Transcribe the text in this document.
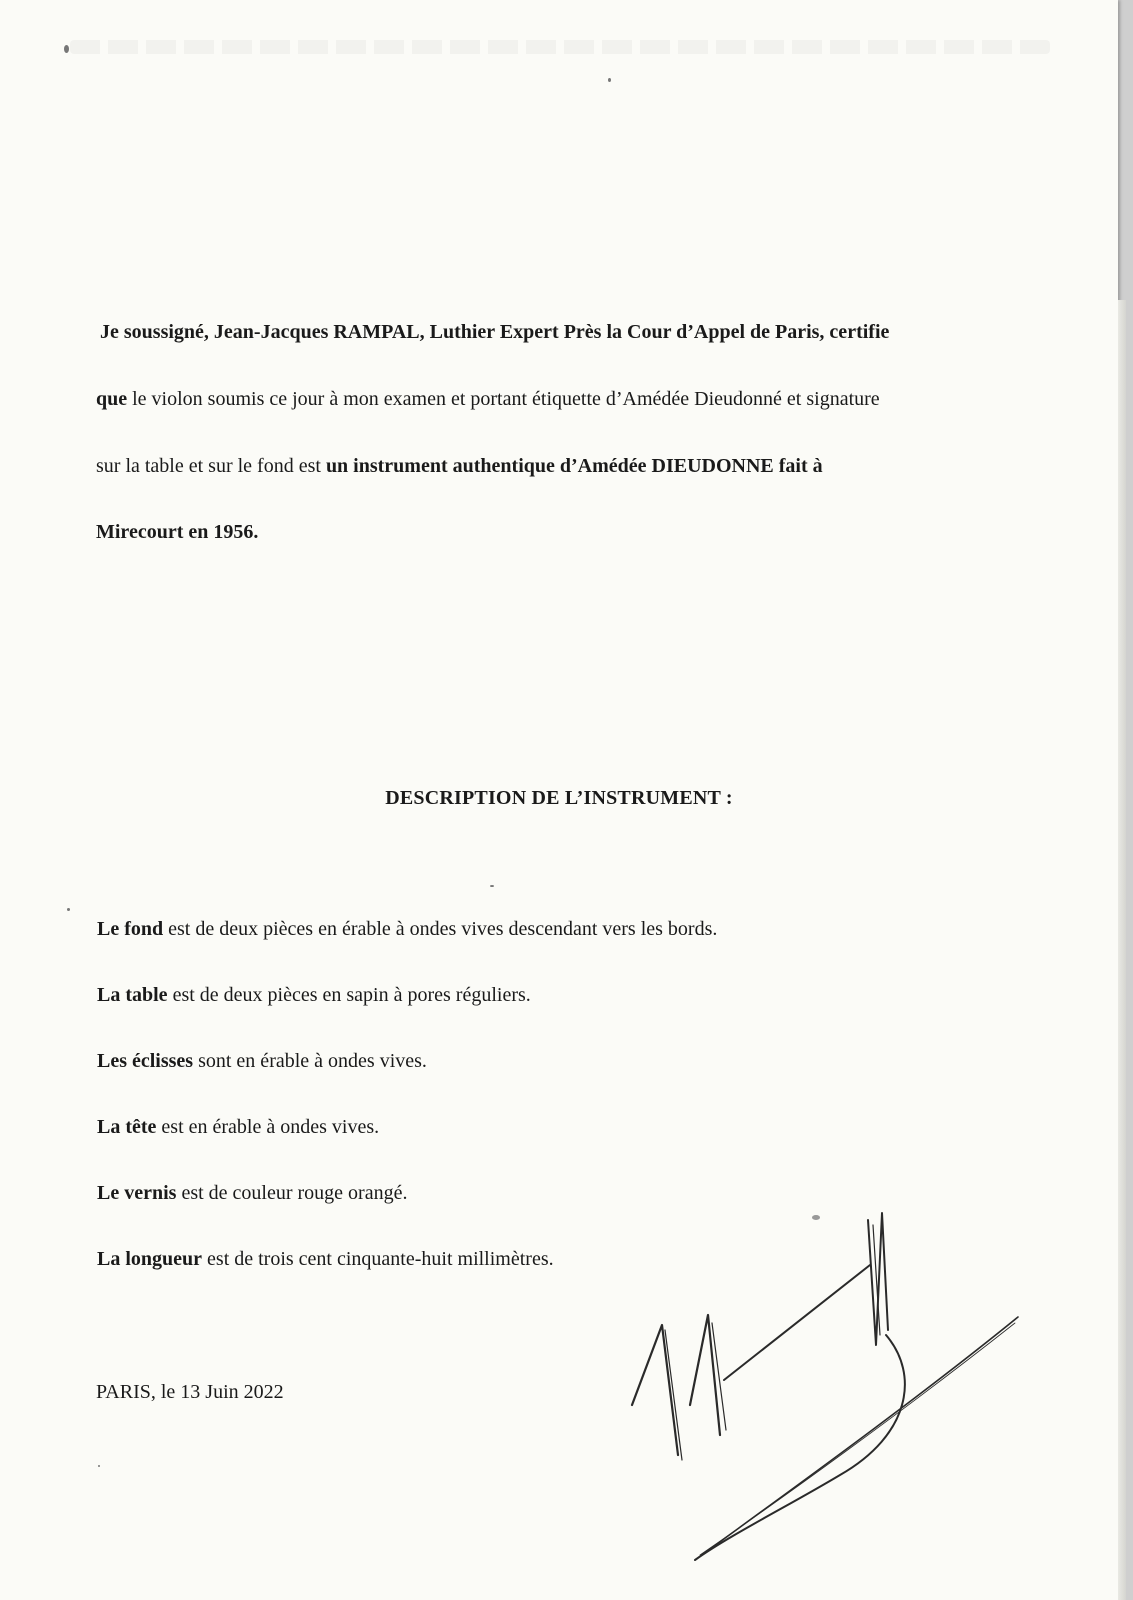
Je soussigné, Jean-Jacques RAMPAL, Luthier Expert Près la Cour d’Appel de Paris, certifie
que le violon soumis ce jour à mon examen et portant étiquette d’Amédée Dieudonné et signature
sur la table et sur le fond est un instrument authentique d’Amédée DIEUDONNE fait à
Mirecourt en 1956.
DESCRIPTION DE L’INSTRUMENT :
Le fond est de deux pièces en érable à ondes vives descendant vers les bords.
La table est de deux pièces en sapin à pores réguliers.
Les éclisses sont en érable à ondes vives.
La tête est en érable à ondes vives.
Le vernis est de couleur rouge orangé.
La longueur est de trois cent cinquante-huit millimètres.
PARIS, le 13 Juin 2022
